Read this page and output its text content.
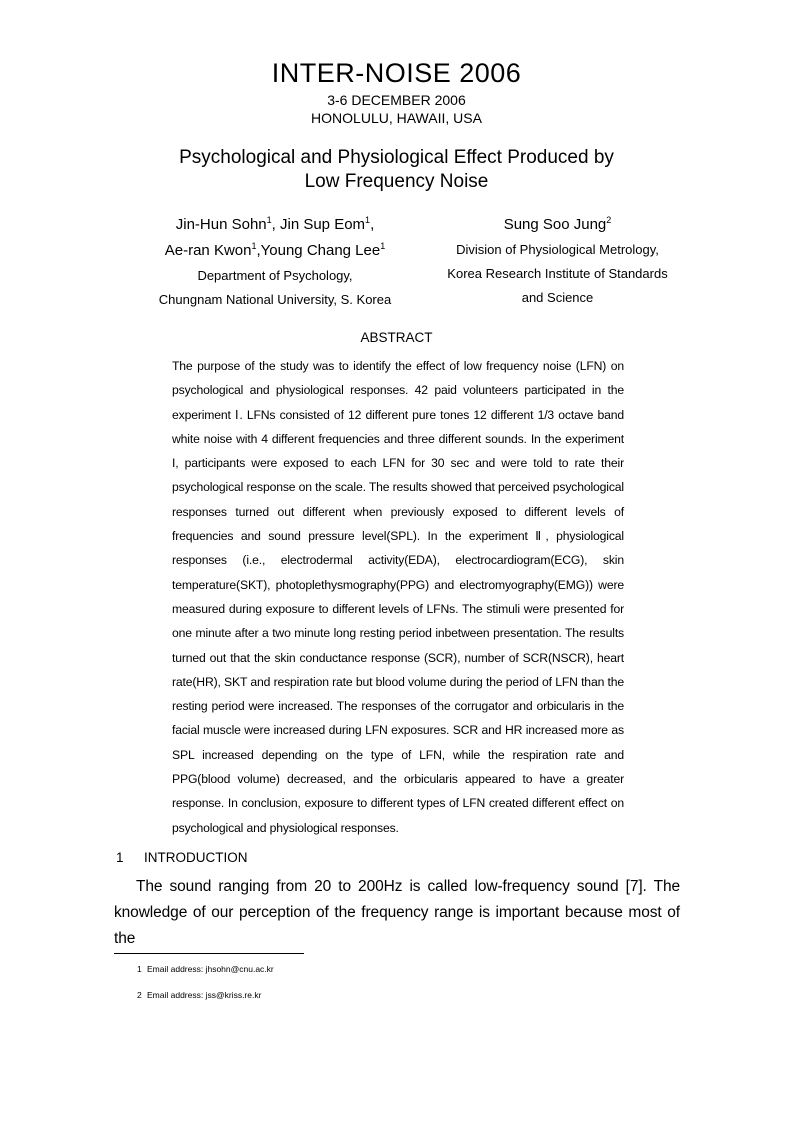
INTER-NOISE 2006
3-6 DECEMBER 2006
HONOLULU, HAWAII, USA
Psychological and Physiological Effect Produced by
Low Frequency Noise
Jin-Hun Sohn$^1$, Jin Sup Eom$^1$,
Ae-ran Kwon$^1$,Young Chang Lee$^1$
Department of Psychology,
Chungnam National University, S. Korea
Sung Soo Jung$^2$
Division of Physiological Metrology,
Korea Research Institute of Standards
and Science
ABSTRACT
The purpose of the study was to identify the effect of low frequency noise (LFN) on psychological and physiological responses. 42 paid volunteers participated in the experiment Ⅰ. LFNs consisted of 12 different pure tones 12 different 1/3 octave band white noise with 4 different frequencies and three different sounds. In the experiment I, participants were exposed to each LFN for 30 sec and were told to rate their psychological response on the scale. The results showed that perceived psychological responses turned out different when previously exposed to different levels of frequencies and sound pressure level(SPL). In the experiment Ⅱ, physiological responses (i.e., electrodermal activity(EDA), electrocardiogram(ECG), skin temperature(SKT), photoplethysmography(PPG) and electromyography(EMG)) were measured during exposure to different levels of LFNs. The stimuli were presented for one minute after a two minute long resting period inbetween presentation. The results turned out that the skin conductance response (SCR), number of SCR(NSCR), heart rate(HR), SKT and respiration rate but blood volume during the period of LFN than the resting period were increased. The responses of the corrugator and orbicularis in the facial muscle were increased during LFN exposures. SCR and HR increased more as SPL increased depending on the type of LFN, while the respiration rate and PPG(blood volume) decreased, and the orbicularis appeared to have a greater response. In conclusion, exposure to different types of LFN created different effect on psychological and physiological responses.
1 INTRODUCTION
The sound ranging from 20 to 200Hz is called low-frequency sound [7]. The knowledge of our perception of the frequency range is important because most of the
1 Email address: jhsohn@cnu.ac.kr
2 Email address: jss@kriss.re.kr
